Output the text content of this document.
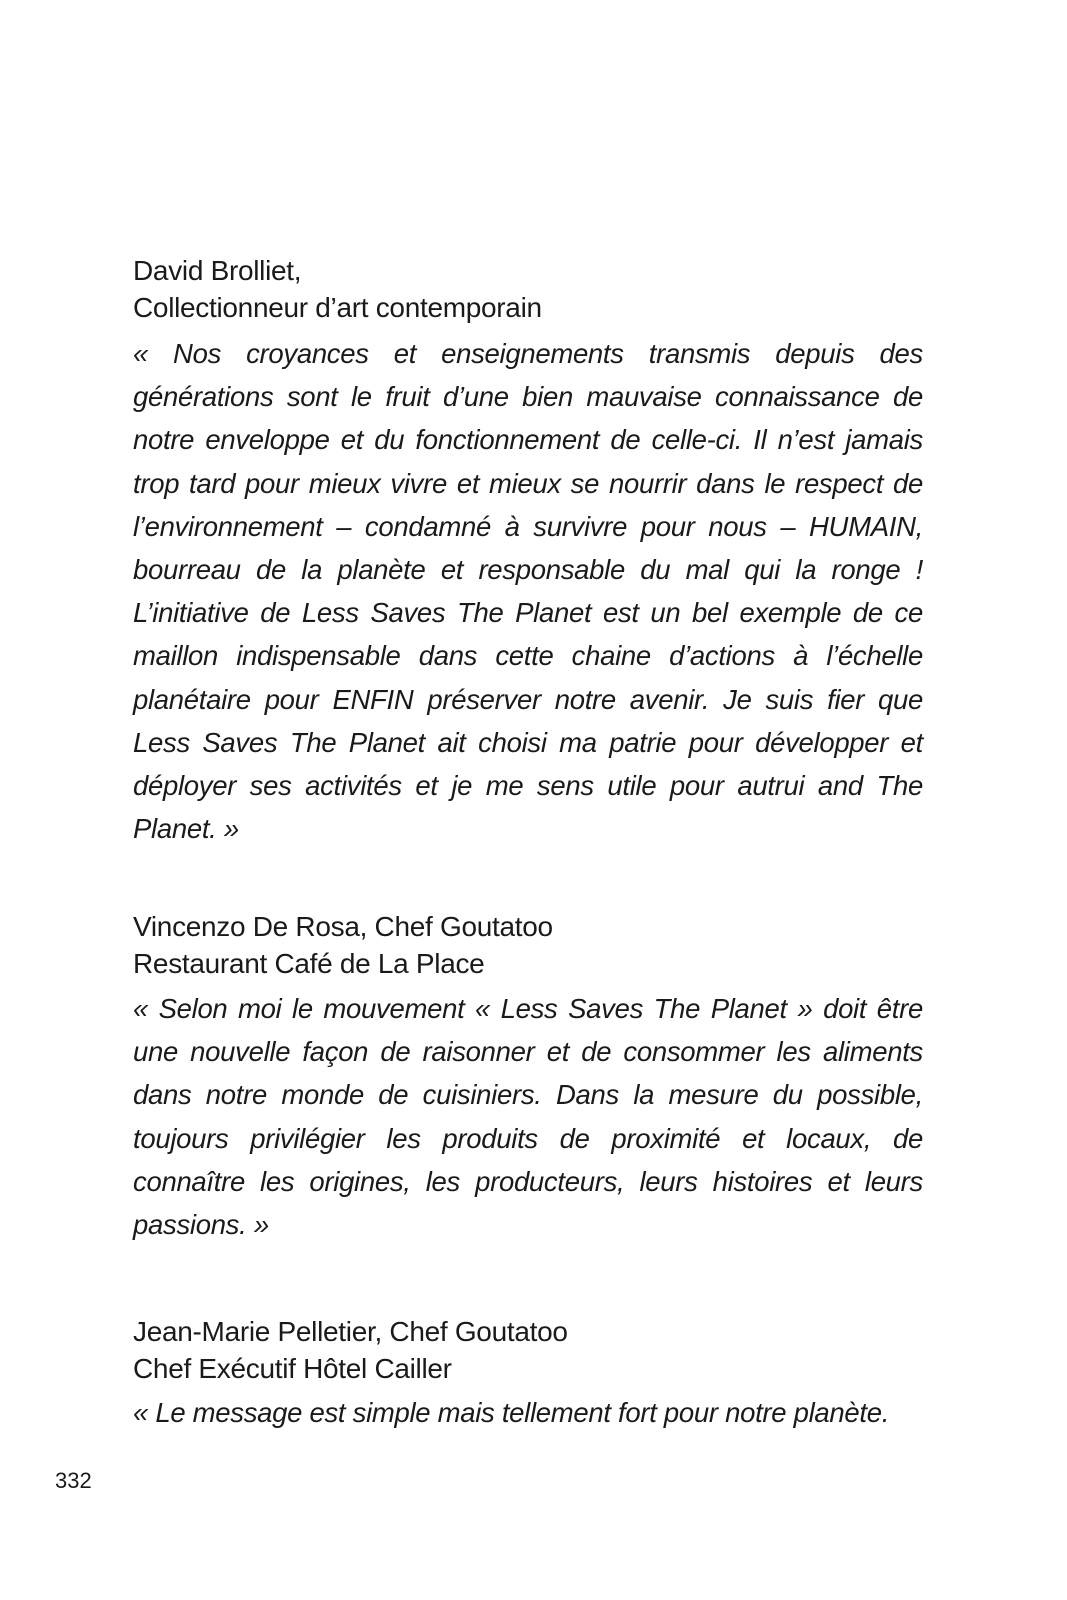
David Brolliet,

Collectionneur d’art contemporain

« Nos croyances et enseignements transmis depuis des générations sont le fruit d’une bien mauvaise connaissance de notre enveloppe et du fonctionnement de celle-ci. Il n’est jamais trop tard pour mieux vivre et mieux se nourrir dans le respect de l’environnement – condamné à survivre pour nous – HUMAIN, bourreau de la planète et responsable du mal qui la ronge ! L’initiative de Less Saves The Planet est un bel exemple de ce maillon indispensable dans cette chaine d’actions à l’échelle planétaire pour ENFIN préserver notre avenir. Je suis fier que Less Saves The Planet ait choisi ma patrie pour développer et déployer ses activités et je me sens utile pour autrui and The Planet. »

Vincenzo De Rosa, Chef Goutatoo

Restaurant Café de La Place

« Selon moi le mouvement « Less Saves The Planet » doit être une nouvelle façon de raisonner et de consommer les aliments dans notre monde de cuisiniers. Dans la mesure du possible, toujours privilégier les produits de proximité et locaux, de connaître les origines, les producteurs, leurs histoires et leurs passions. »

Jean-Marie Pelletier, Chef Goutatoo

Chef Exécutif Hôtel Cailler

« Le message est simple mais tellement fort pour notre planète.

332
